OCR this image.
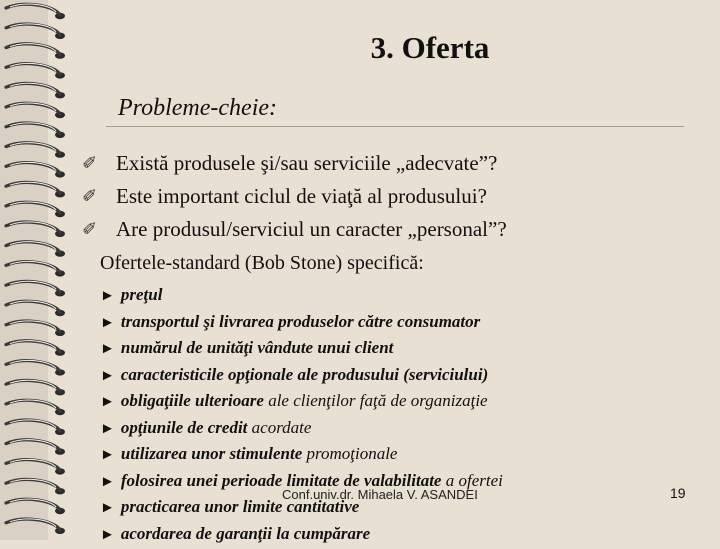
3. Oferta
Probleme-cheie:
✐ Există produsele şi/sau serviciile „adecvate”?
✐ Este important ciclul de viaţă al produsului?
✐ Are produsul/serviciul un caracter „personal”?
Ofertele-standard (Bob Stone) specifică:
► preţul
► transportul şi livrarea produselor către consumator
► numărul de unităţi vândute unui client
► caracteristicile opţionale ale produsului (serviciului)
► obligaţiile ulterioare ale clienţilor faţă de organizaţie
► opţiunile de credit acordate
► utilizarea unor stimulente promoţionale
► folosirea unei perioade limitate de valabilitate a ofertei
► practicarea unor limite cantitative
► acordarea de garanţii la cumpărare
Conf.univ.dr. Mihaela V. ASANDEI	19
